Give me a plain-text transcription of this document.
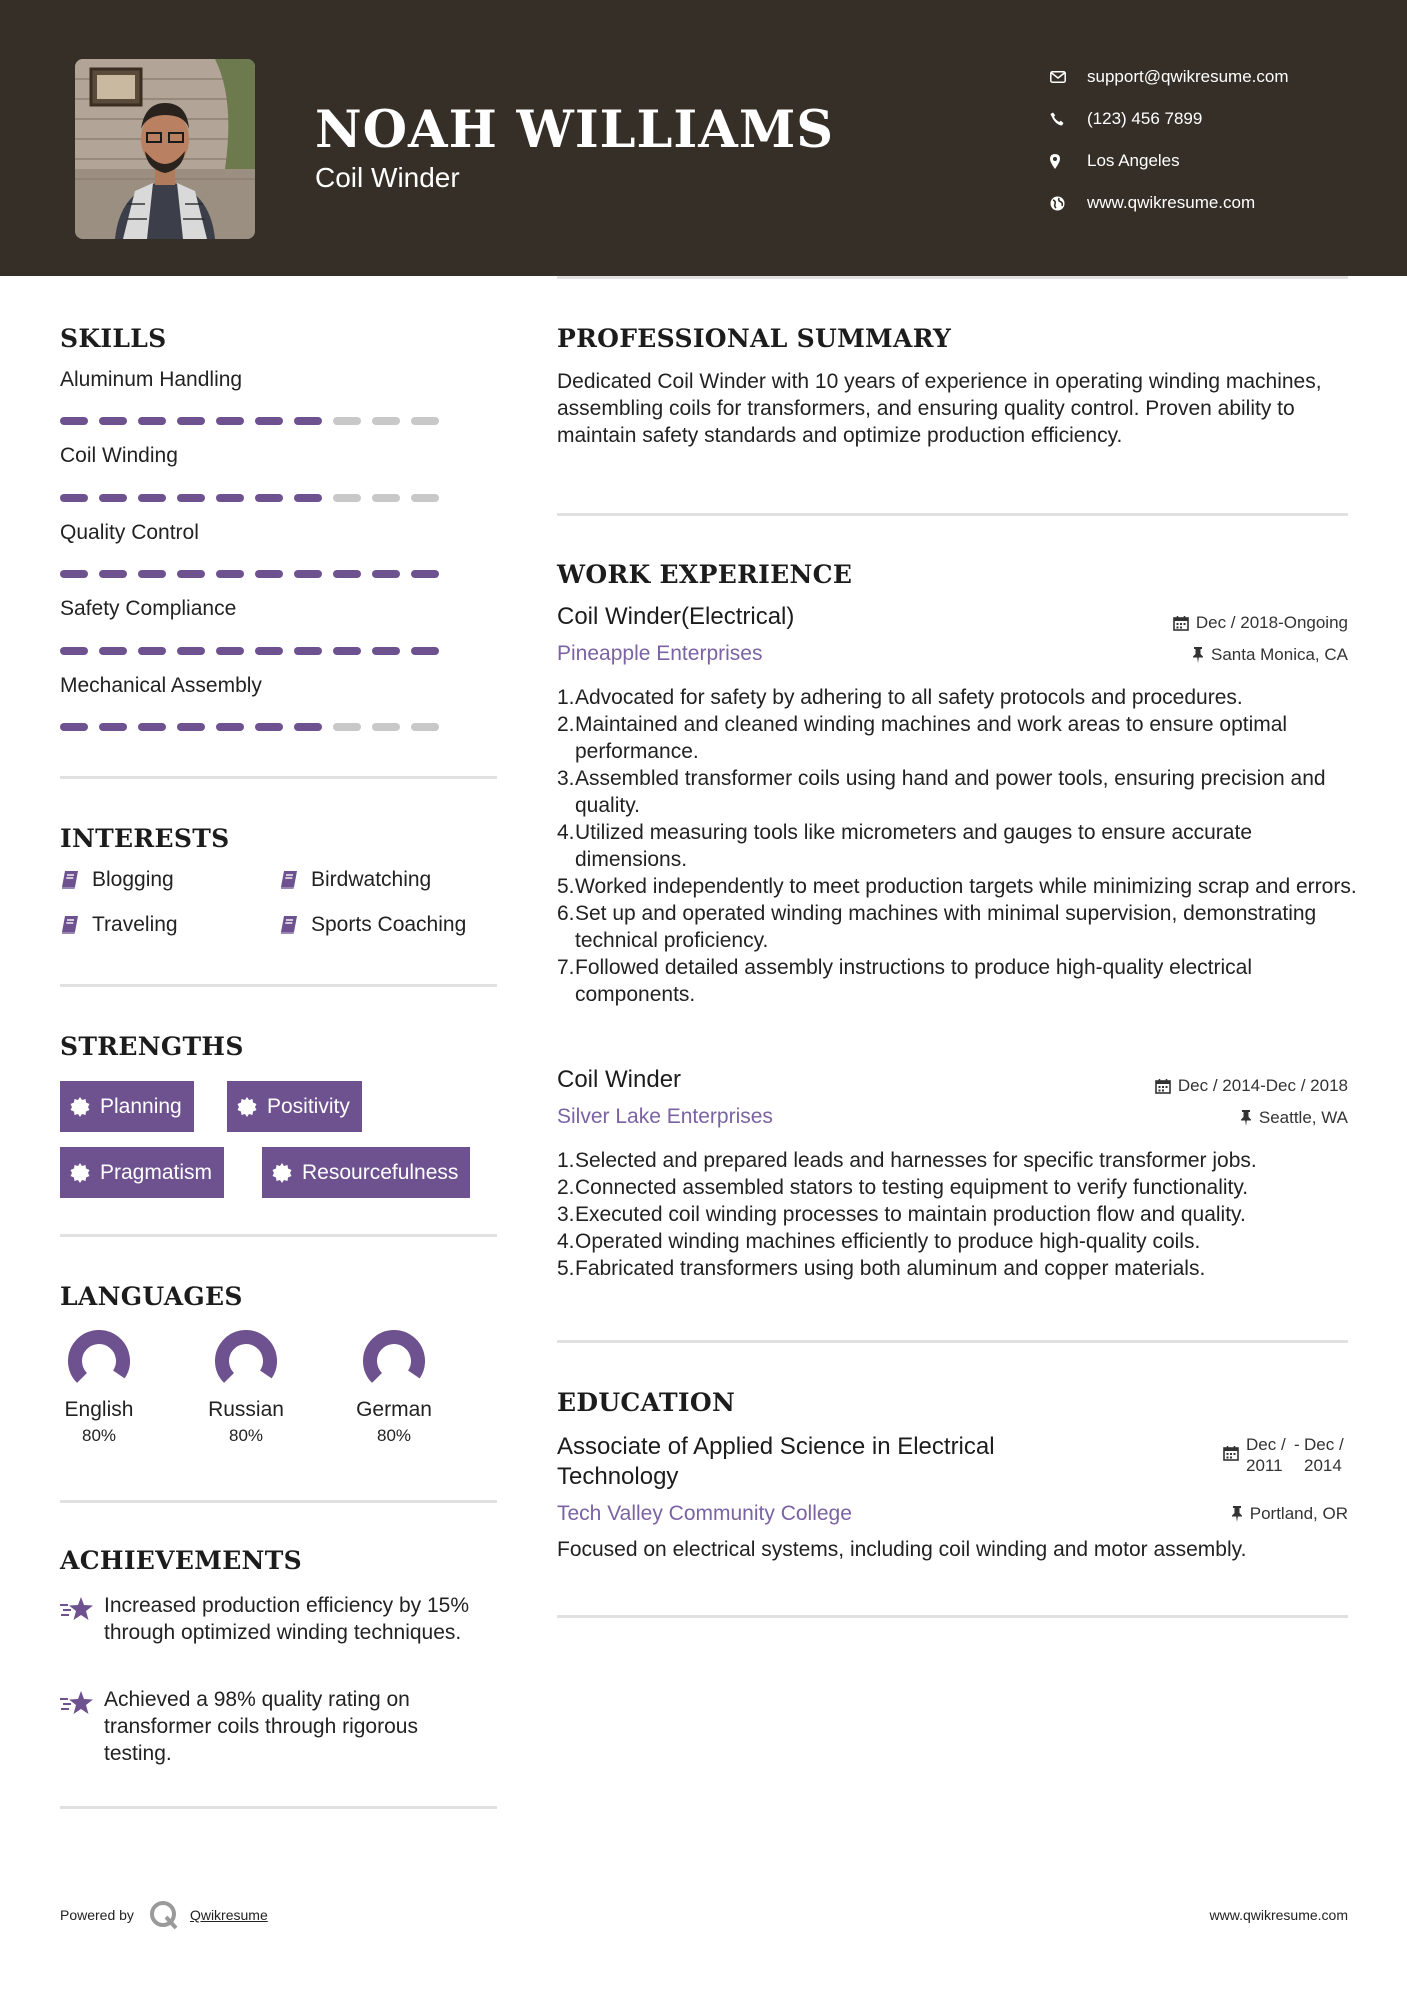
NOAH WILLIAMS
Coil Winder
support@qwikresume.com
(123) 456 7899
Los Angeles
www.qwikresume.com
SKILLS
Aluminum Handling
Coil Winding
Quality Control
Safety Compliance
Mechanical Assembly
INTERESTS
Blogging	Birdwatching
Traveling	Sports Coaching
STRENGTHS
Planning	Positivity
Pragmatism	Resourcefulness
LANGUAGES
English
80%
Russian
80%
German
80%
ACHIEVEMENTS
Increased production efficiency by 15% through optimized winding techniques.
Achieved a 98% quality rating on transformer coils through rigorous testing.
PROFESSIONAL SUMMARY
Dedicated Coil Winder with 10 years of experience in operating winding machines, assembling coils for transformers, and ensuring quality control. Proven ability to maintain safety standards and optimize production efficiency.
WORK EXPERIENCE
Coil Winder(Electrical)	Dec / 2018-Ongoing
Pineapple Enterprises	Santa Monica, CA
1. Advocated for safety by adhering to all safety protocols and procedures.
2. Maintained and cleaned winding machines and work areas to ensure optimal performance.
3. Assembled transformer coils using hand and power tools, ensuring precision and quality.
4. Utilized measuring tools like micrometers and gauges to ensure accurate dimensions.
5. Worked independently to meet production targets while minimizing scrap and errors.
6. Set up and operated winding machines with minimal supervision, demonstrating technical proficiency.
7. Followed detailed assembly instructions to produce high-quality electrical components.
Coil Winder	Dec / 2014-Dec / 2018
Silver Lake Enterprises	Seattle, WA
1. Selected and prepared leads and harnesses for specific transformer jobs.
2. Connected assembled stators to testing equipment to verify functionality.
3. Executed coil winding processes to maintain production flow and quality.
4. Operated winding machines efficiently to produce high-quality coils.
5. Fabricated transformers using both aluminum and copper materials.
EDUCATION
Associate of Applied Science in Electrical Technology
Dec / 2011
- Dec / 2014
Tech Valley Community College	Portland, OR
Focused on electrical systems, including coil winding and motor assembly.
Powered by	Qwikresume	www.qwikresume.com
